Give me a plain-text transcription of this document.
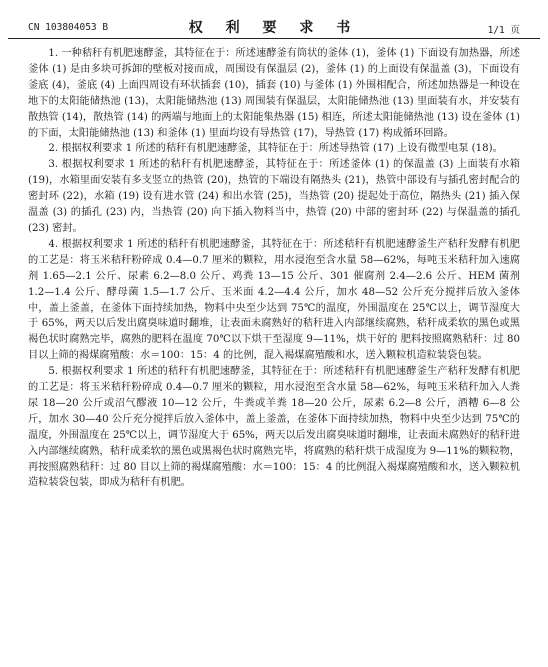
CN 103804053 B	权 利 要 求 书	1/1 页

1. 一种秸秆有机肥速酵釜，其特征在于：所述速酵釜有筒状的釜体 (1)，釜体 (1) 下面设有加热器，所述釜体 (1) 是由多块可拆卸的壁板对接而成，周围设有保温层 (2)，釜体 (1) 的上面设有保温盖 (3)，下面设有釜底 (4)，釜底 (4) 上面四周设有环状插套 (10)，插套 (10) 与釜体 (1) 外围相配合，所述加热器是一种设在地下的太阳能储热池 (13)，太阳能储热池 (13) 周围装有保温层，太阳能储热池 (13) 里面装有水，并安装有散热管 (14)，散热管 (14) 的两端与地面上的太阳能集热器 (15) 相连，所述太阳能储热池 (13) 设在釜体 (1) 的下面，太阳能储热池 (13) 和釜体 (1) 里面均设有导热管 (17)，导热管 (17) 构成循环回路。

2. 根据权利要求 1 所述的秸秆有机肥速酵釜，其特征在于：所述导热管 (17) 上设有微型电泵 (18)。

3. 根据权利要求 1 所述的秸秆有机肥速酵釜，其特征在于：所述釜体 (1) 的保温盖 (3) 上面装有水箱 (19)，水箱里面安装有多支竖立的热管 (20)，热管的下端设有隔热头 (21)，热管中部设有与插孔密封配合的密封环 (22)，水箱 (19) 设有进水管 (24) 和出水管 (25)，当热管 (20) 提起处于高位，隔热头 (21) 插入保温盖 (3) 的插孔 (23) 内，当热管 (20) 向下插入物料当中，热管 (20) 中部的密封环 (22) 与保温盖的插孔 (23) 密封。

4. 根据权利要求 1 所述的秸秆有机肥速酵釜，其特征在于：所述秸秆有机肥速酵釜生产秸秆发酵有机肥的工艺是：将玉米秸秆粉碎成 0.4—0.7 厘米的颗粒，用水浸泡至含水量 58—62%，每吨玉米秸秆加入速腐剂 1.65—2.1 公斤、尿素 6.2—8.0 公斤、鸡粪 13—15 公斤、301 催腐剂 2.4—2.6 公斤、HEM 菌剂 1.2—1.4 公斤、酵母菌 1.5—1.7 公斤、玉米面 4.2—4.4 公斤，加水 48—52 公斤充分搅拌后放入釜体中，盖上釜盖，在釜体下面持续加热，物料中央至少达到 75℃的温度，外围温度在 25℃以上，调节湿度大于 65%，两天以后发出腐臭味道时翻堆，让表面未腐熟好的秸秆进入内部继续腐熟，秸秆成柔软的黑色或黑褐色状时腐熟完毕，腐熟的肥料在温度 70℃以下烘干至湿度 9—11%，烘干好的 肥料按照腐熟秸秆：过 80 目以上筛的褐煤腐殖酸：水＝100：15：4 的比例，混入褐煤腐殖酸和水，送入颗粒机造粒装袋包装。

5. 根据权利要求 1 所述的秸秆有机肥速酵釜，其特征在于：所述秸秆有机肥速酵釜生产秸秆发酵有机肥的工艺是：将玉米秸秆粉碎成 0.4—0.7 厘米的颗粒，用水浸泡至含水量 58—62%，每吨玉米秸秆加入人粪尿 18—20 公斤或沼气醪液 10—12 公斤，牛粪或羊粪 18—20 公斤，尿素 6.2—8 公斤，酒糟 6—8 公斤，加水 30—40 公斤充分搅拌后放入釜体中，盖上釜盖，在釜体下面持续加热，物料中央至少达到 75℃的温度，外围温度在 25℃以上，调节湿度大于 65%，两天以后发出腐臭味道时翻堆，让表面未腐熟好的秸秆进入内部继续腐熟，秸秆成柔软的黑色或黑褐色状时腐熟完毕，将腐熟的秸秆烘干成湿度为 9—11%的颗粒物，再按照腐熟秸秆：过 80 目以上筛的褐煤腐殖酸：水＝100：15：4 的比例混入褐煤腐殖酸和水，送入颗粒机造粒装袋包装，即成为秸秆有机肥。
